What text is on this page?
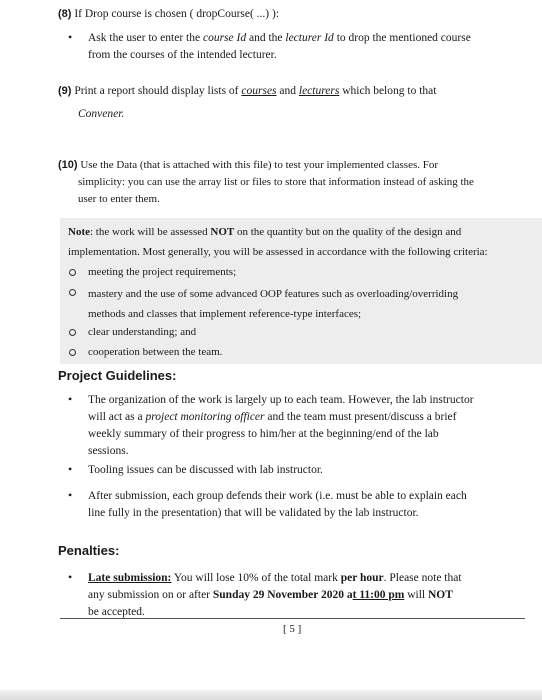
(8) If Drop course is chosen ( dropCourse( ...) ):
• Ask the user to enter the course Id and the lecturer Id to drop the mentioned course
from the courses of the intended lecturer.
(9) Print a report should display lists of courses and lecturers which belong to that
Convener.
(10) Use the Data (that is attached with this file) to test your implemented classes. For
simplicity: you can use the array list or files to store that information instead of asking the
user to enter them.
Note: the work will be assessed NOT on the quantity but on the quality of the design and
implementation. Most generally, you will be assessed in accordance with the following criteria:
meeting the project requirements;
mastery and the use of some advanced OOP features such as overloading/overriding
methods and classes that implement reference-type interfaces;
clear understanding; and
cooperation between the team.
Project Guidelines:
• The organization of the work is largely up to each team. However, the lab instructor
will act as a project monitoring officer and the team must present/discuss a brief
weekly summary of their progress to him/her at the beginning/end of the lab
sessions.
• Tooling issues can be discussed with lab instructor.
• After submission, each group defends their work (i.e. must be able to explain each
line fully in the presentation) that will be validated by the lab instructor.
Penalties:
• Late submission: You will lose 10% of the total mark per hour. Please note that
any submission on or after Sunday 29 November 2020 at 11:00 pm will NOT
be accepted.
[ 5 ]
